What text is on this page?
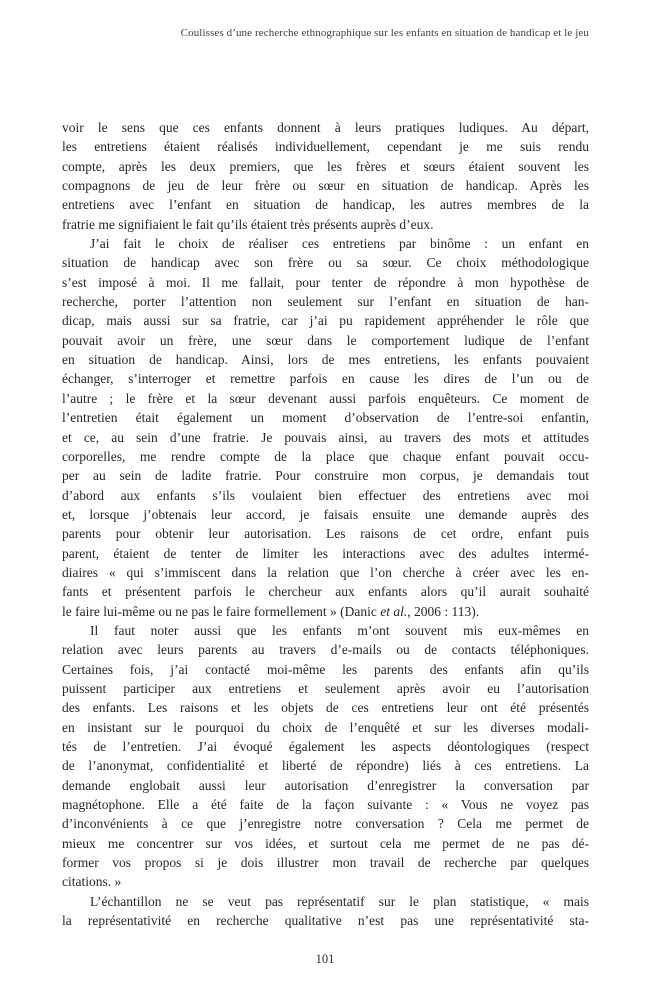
Coulisses d’une recherche ethnographique sur les enfants en situation de handicap et le jeu
voir le sens que ces enfants donnent à leurs pratiques ludiques. Au départ,
les entretiens étaient réalisés individuellement, cependant je me suis rendu
compte, après les deux premiers, que les frères et sœurs étaient souvent les
compagnons de jeu de leur frère ou sœur en situation de handicap. Après les
entretiens avec l’enfant en situation de handicap, les autres membres de la
fratrie me signifiaient le fait qu’ils étaient très présents auprès d’eux.
J’ai fait le choix de réaliser ces entretiens par binôme : un enfant en
situation de handicap avec son frère ou sa sœur. Ce choix méthodologique
s’est imposé à moi. Il me fallait, pour tenter de répondre à mon hypothèse de
recherche, porter l’attention non seulement sur l’enfant en situation de han-
dicap, mais aussi sur sa fratrie, car j’ai pu rapidement appréhender le rôle que
pouvait avoir un frère, une sœur dans le comportement ludique de l’enfant
en situation de handicap. Ainsi, lors de mes entretiens, les enfants pouvaient
échanger, s’interroger et remettre parfois en cause les dires de l’un ou de
l’autre ; le frère et la sœur devenant aussi parfois enquêteurs. Ce moment de
l’entretien était également un moment d’observation de l’entre-soi enfantin,
et ce, au sein d’une fratrie. Je pouvais ainsi, au travers des mots et attitudes
corporelles, me rendre compte de la place que chaque enfant pouvait occu-
per au sein de ladite fratrie. Pour construire mon corpus, je demandais tout
d’abord aux enfants s’ils voulaient bien effectuer des entretiens avec moi
et, lorsque j’obtenais leur accord, je faisais ensuite une demande auprès des
parents pour obtenir leur autorisation. Les raisons de cet ordre, enfant puis
parent, étaient de tenter de limiter les interactions avec des adultes intermé-
diaires « qui s’immiscent dans la relation que l’on cherche à créer avec les en-
fants et présentent parfois le chercheur aux enfants alors qu’il aurait souhaité
le faire lui-même ou ne pas le faire formellement » (Danic et al., 2006 : 113).
Il faut noter aussi que les enfants m’ont souvent mis eux-mêmes en
relation avec leurs parents au travers d’e-mails ou de contacts téléphoniques.
Certaines fois, j’ai contacté moi-même les parents des enfants afin qu’ils
puissent participer aux entretiens et seulement après avoir eu l’autorisation
des enfants. Les raisons et les objets de ces entretiens leur ont été présentés
en insistant sur le pourquoi du choix de l’enquêté et sur les diverses modali-
tés de l’entretien. J’ai évoqué également les aspects déontologiques (respect
de l’anonymat, confidentialité et liberté de répondre) liés à ces entretiens. La
demande englobait aussi leur autorisation d’enregistrer la conversation par
magnétophone. Elle a été faite de la façon suivante : « Vous ne voyez pas
d’inconvénients à ce que j’enregistre notre conversation ? Cela me permet de
mieux me concentrer sur vos idées, et surtout cela me permet de ne pas dé-
former vos propos si je dois illustrer mon travail de recherche par quelques
citations. »
L’échantillon ne se veut pas représentatif sur le plan statistique, « mais
la représentativité en recherche qualitative n’est pas une représentativité sta-
101
